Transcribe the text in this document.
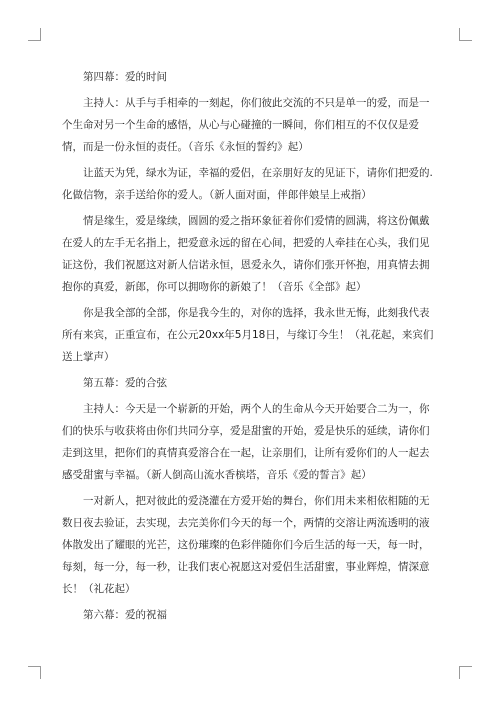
第四幕：爱的时间

主持人：从手与手相牵的一刻起，你们彼此交流的不只是单一的爱，而是一个生命对另一个生命的感悟，从心与心碰撞的一瞬间，你们相互的不仅仅是爱情，而是一份永恒的责任。（音乐《永恒的誓约》起）

让蓝天为凭，绿水为证，幸福的爱侣，在亲朋好友的见证下，请你们把爱的.化做信物，亲手送给你的爱人。（新人面对面，伴郎伴娘呈上戒指）

情是缘生，爱是缘续，圆圆的爱之指环象征着你们爱情的圆满，将这份佩戴在爱人的左手无名指上，把爱意永远的留在心间，把爱的人牵挂在心头，我们见证这份，我们祝愿这对新人信诺永恒，恩爱永久，请你们张开怀抱，用真情去拥抱你的真爱，新郎，你可以拥吻你的新娘了！（音乐《全部》起）

你是我全部的全部，你是我今生的，对你的选择，我永世无悔，此刻我代表所有来宾，正重宣布，在公元20xx年5月18日，与缘订今生！（礼花起，来宾们送上掌声）

第五幕：爱的合弦

主持人：今天是一个崭新的开始，两个人的生命从今天开始要合二为一，你们的快乐与收获将由你们共同分享，爱是甜蜜的开始，爱是快乐的延续，请你们走到这里，把你们的真情真爱溶合在一起，让亲朋们，让所有爱你们的人一起去感受甜蜜与幸福。（新人倒高山流水香槟塔，音乐《爱的誓言》起）

一对新人，把对彼此的爱浇灌在方爱开始的舞台，你们用未来相依相随的无数日夜去验证，去实现，去完美你们今天的每一个，两情的交溶让两流透明的液体散发出了耀眼的光芒，这份璀璨的色彩伴随你们今后生活的每一天，每一时，每刻，每一分，每一秒，让我们衷心祝愿这对爱侣生活甜蜜，事业辉煌，情深意长！（礼花起）

第六幕：爱的祝福
